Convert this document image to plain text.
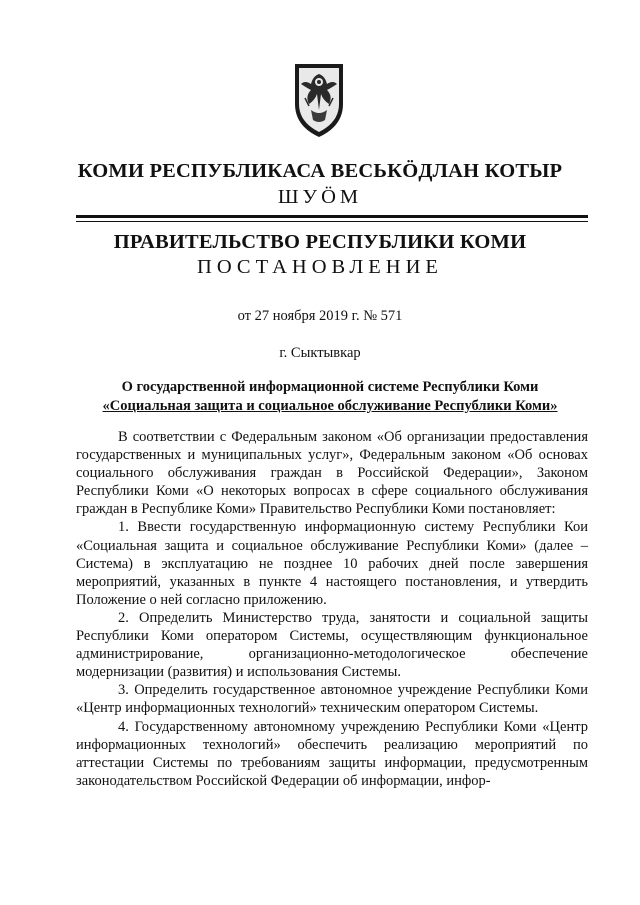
КОМИ РЕСПУБЛИКАСА ВЕСЬКӦДЛАН КОТЫР
ШУÖМ
ПРАВИТЕЛЬСТВО РЕСПУБЛИКИ КОМИ
ПОСТАНОВЛЕНИЕ
от 27 ноября 2019 г. № 571
г. Сыктывкар
О государственной информационной системе Республики Коми
«Социальная защита и социальное обслуживание Республики Коми»

В соответствии с Федеральным законом «Об организации предоставления государственных и муниципальных услуг», Федеральным законом «Об основах социального обслуживания граждан в Российской Федерации», Законом Республики Коми «О некоторых вопросах в сфере социального обслуживания граждан в Республике Коми» Правительство Республики Коми постановляет:

1. Ввести государственную информационную систему Республики Кои «Социальная защита и социальное обслуживание Республики Коми» (далее – Система) в эксплуатацию не позднее 10 рабочих дней после завершения мероприятий, указанных в пункте 4 настоящего постановления, и утвердить Положение о ней согласно приложению.

2. Определить Министерство труда, занятости и социальной защиты Республики Коми оператором Системы, осуществляющим функциональное администрирование, организационно-методологическое обеспечение модернизации (развития) и использования Системы.

3. Определить государственное автономное учреждение Республики Коми «Центр информационных технологий» техническим оператором Системы.

4. Государственному автономному учреждению Республики Коми «Центр информационных технологий» обеспечить реализацию мероприятий по аттестации Системы по требованиям защиты информации, предусмотренным законодательством Российской Федерации об информации, инфор-
